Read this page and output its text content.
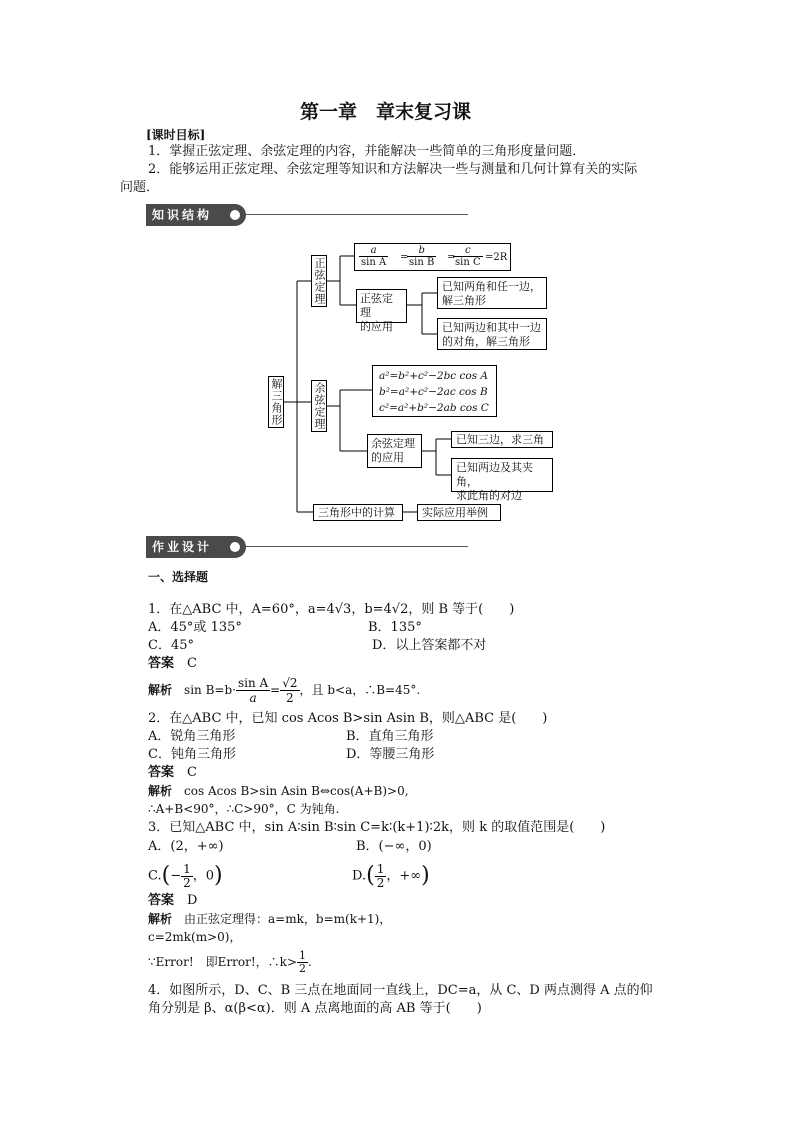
第一章　章末复习课
[课时目标]
1．掌握正弦定理、余弦定理的内容，并能解决一些简单的三角形度量问题．
2．能够运用正弦定理、余弦定理等知识和方法解决一些与测量和几何计算有关的实际
问题．
知识结构
解三角形
正弦定理
$\frac{a}{\text{sin A}}$ =
$\frac{b}{\text{sin B}}$ =
$\frac{c}{\text{sin C}} =2R$
正弦定理
的应用
已知两角和任一边，
解三角形
已知两边和其中一边
的对角，解三角形
余弦定理
a²=b²+c²−2bc cos A
b²=a²+c²−2ac cos B
c²=a²+b²−2ab cos C
余弦定理
的应用
已知三边，求三角
已知两边及其夹角，
求此角的对边
三角形中的计算	实际应用举例
作业设计
一、选择题
1．在△ABC 中，A=60°，a=4√3，b=4√2，则 B 等于(　　)
A．45°或 135°	B．135°
C．45°	D．以上答案都不对
答案　 C
解析　 $\sin B=b\cdot \frac{\text{sin A}}{a} = \frac{√2}{2}$ ，且 b<a，∴B=45°.
2．在△ABC 中，已知 cos Acos B>sin Asin B，则△ABC 是(　　)
A．锐角三角形	B．直角三角形
C．钝角三角形	D．等腰三角形
答案　 C
解析　 cos Acos B>sin Asin B⇔cos(A+B)>0,
∴A+B<90°，∴C>90°，C 为钝角.
3．已知△ABC 中，sin A∶sin B∶sin C=k∶(k+1)∶2k，则 k 的取值范围是(　　)
A．(2，+∞)	B．(−∞，0)
$C.(- \frac{1}{2}$ ，0)	$D.( \frac{1}{2}$ ，+∞)
答案　 D
解析　 由正弦定理得：a=mk，b=m(k+1)，
c=2mk(m>0)，
∵Error!　即Error!，∴k> $\frac{1}{2}$ .
4．如图所示，D、C、B 三点在地面同一直线上，DC=a，从 C、D 两点测得 A 点的仰
角分别是 β、α(β<α)．则 A 点离地面的高 AB 等于(　　)
